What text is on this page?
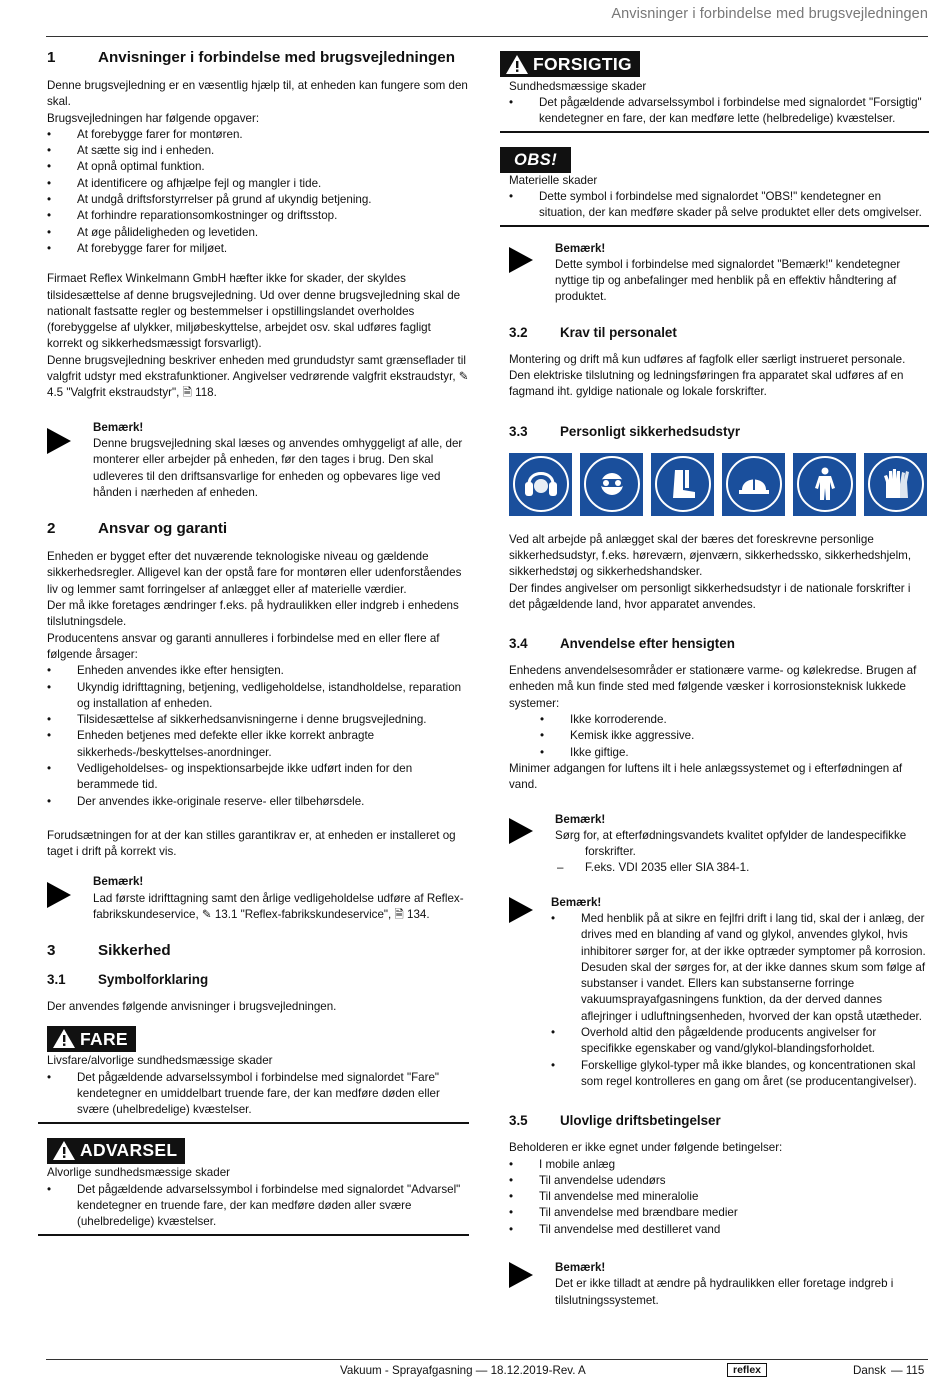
Anvisninger i forbindelse med brugsvejledningen
1	Anvisninger i forbindelse med brugsvejledningen

Denne brugsvejledning er en væsentlig hjælp til, at enheden kan fungere som den skal.

Brugsvejledningen har følgende opgaver:

• At forebygge farer for montøren.
• At sætte sig ind i enheden.
• At opnå optimal funktion.
• At identificere og afhjælpe fejl og mangler i tide.
• At undgå driftsforstyrrelser på grund af ukyndig betjening.
• At forhindre reparationsomkostninger og driftsstop.
• At øge pålideligheden og levetiden.
• At forebygge farer for miljøet.

Firmaet Reflex Winkelmann GmbH hæfter ikke for skader, der skyldes tilsidesættelse af denne brugsvejledning. Ud over denne brugsvejledning skal de nationalt fastsatte regler og bestemmelser i opstillingslandet overholdes (forebyggelse af ulykker, miljøbeskyttelse, arbejdet osv. skal udføres fagligt korrekt og sikkerhedsmæssigt forsvarligt).

Denne brugsvejledning beskriver enheden med grundudstyr samt grænseflader til valgfrit udstyr med ekstrafunktioner. Angivelser vedrørende valgfrit ekstraudstyr, ✎ 4.5 "Valgfrit ekstraudstyr", 🗎 118.

Bemærk!
Denne brugsvejledning skal læses og anvendes omhyggeligt af alle, der monterer eller arbejder på enheden, før den tages i brug. Den skal udleveres til den driftsansvarlige for enheden og opbevares lige ved hånden i nærheden af enheden.
2	Ansvar og garanti

Enheden er bygget efter det nuværende teknologiske niveau og gældende sikkerhedsregler. Alligevel kan der opstå fare for montøren eller udenforståendes liv og lemmer samt forringelser af anlægget eller af materielle værdier.

Der må ikke foretages ændringer f.eks. på hydraulikken eller indgreb i enhedens tilslutningsdele.

Producentens ansvar og garanti annulleres i forbindelse med en eller flere af følgende årsager:

• Enheden anvendes ikke efter hensigten.
• Ukyndig idrifttagning, betjening, vedligeholdelse, istandholdelse, reparation og installation af enheden.
• Tilsidesættelse af sikkerhedsanvisningerne i denne brugsvejledning.
• Enheden betjenes med defekte eller ikke korrekt anbragte sikkerheds-/beskyttelses-anordninger.
• Vedligeholdelses- og inspektionsarbejde ikke udført inden for den berammede tid.
• Der anvendes ikke-originale reserve- eller tilbehørsdele.

Forudsætningen for at der kan stilles garantikrav er, at enheden er installeret og taget i drift på korrekt vis.

Bemærk!
Lad første idrifttagning samt den årlige vedligeholdelse udføre af Reflex-fabrikskundeservice, ✎ 13.1 "Reflex-fabrikskundeservice", 🗎 134.
3	Sikkerhed
3.1	Symbolforklaring

Der anvendes følgende anvisninger i brugsvejledningen.

FARE

Livsfare/alvorlige sundhedsmæssige skader

• Det pågældende advarselssymbol i forbindelse med signalordet "Fare" kendetegner en umiddelbart truende fare, der kan medføre døden eller svære (uhelbredelige) kvæstelser.
ADVARSEL

Alvorlige sundhedsmæssige skader

• Det pågældende advarselssymbol i forbindelse med signalordet "Advarsel" kendetegner en truende fare, der kan medføre døden aller svære (uhelbredelige) kvæstelser.
FORSIGTIG

Sundhedsmæssige skader

• Det pågældende advarselssymbol i forbindelse med signalordet "Forsigtig" kendetegner en fare, der kan medføre lette (helbredelige) kvæstelser.
OBS!

Materielle skader

• Dette symbol i forbindelse med signalordet "OBS!" kendetegner en situation, der kan medføre skader på selve produktet eller dets omgivelser.
Bemærk!
Dette symbol i forbindelse med signalordet "Bemærk!" kendetegner nyttige tip og anbefalinger med henblik på en effektiv håndtering af produktet.
3.2	Krav til personalet

Montering og drift må kun udføres af fagfolk eller særligt instrueret personale.

Den elektriske tilslutning og ledningsføringen fra apparatet skal udføres af en fagmand iht. gyldige nationale og lokale forskrifter.

3.3	Personligt sikkerhedsudstyr

Ved alt arbejde på anlægget skal der bæres det foreskrevne personlige sikkerhedsudstyr, f.eks. høreværn, øjenværn, sikkerhedssko, sikkerhedshjelm, sikkerhedstøj og sikkerhedshandsker.

Der findes angivelser om personligt sikkerhedsudstyr i de nationale forskrifter i det pågældende land, hvor apparatet anvendes.

3.4	Anvendelse efter hensigten

Enhedens anvendelsesområder er stationære varme- og kølekredse. Brugen af enheden må kun finde sted med følgende væsker i korrosionsteknisk lukkede systemer:

• Ikke korroderende.
• Kemisk ikke aggressive.
• Ikke giftige.

Minimer adgangen for luftens ilt i hele anlægssystemet og i efterfødningen af vand.

Bemærk!
Sørg for, at efterfødningsvandets kvalitet opfylder de landespecifikke forskrifter.
– F.eks. VDI 2035 eller SIA 384-1.
Bemærk!
• Med henblik på at sikre en fejlfri drift i lang tid, skal der i anlæg, der drives med en blanding af vand og glykol, anvendes glykol, hvis inhibitorer sørger for, at der ikke optræder symptomer på korrosion. Desuden skal der sørges for, at der ikke dannes skum som følge af substanser i vandet. Ellers kan substanserne forringe vakuumsprayafgasningens funktion, da der derved dannes aflejringer i udluftningsenheden, hvorved der kan opstå utætheder.
• Overhold altid den pågældende producents angivelser for specifikke egenskaber og vand/glykol-blandingsforholdet.
• Forskellige glykol-typer må ikke blandes, og koncentrationen skal som regel kontrolleres en gang om året (se producentangivelser).
3.5	Ulovlige driftsbetingelser

Beholderen er ikke egnet under følgende betingelser:

• I mobile anlæg
• Til anvendelse udendørs
• Til anvendelse med mineralolie
• Til anvendelse med brændbare medier
• Til anvendelse med destilleret vand
Bemærk!
Det er ikke tilladt at ændre på hydraulikken eller foretage indgreb i tilslutningssystemet.
Vakuum - Sprayafgasning — 18.12.2019-Rev. A	reflex	Dansk — 115
